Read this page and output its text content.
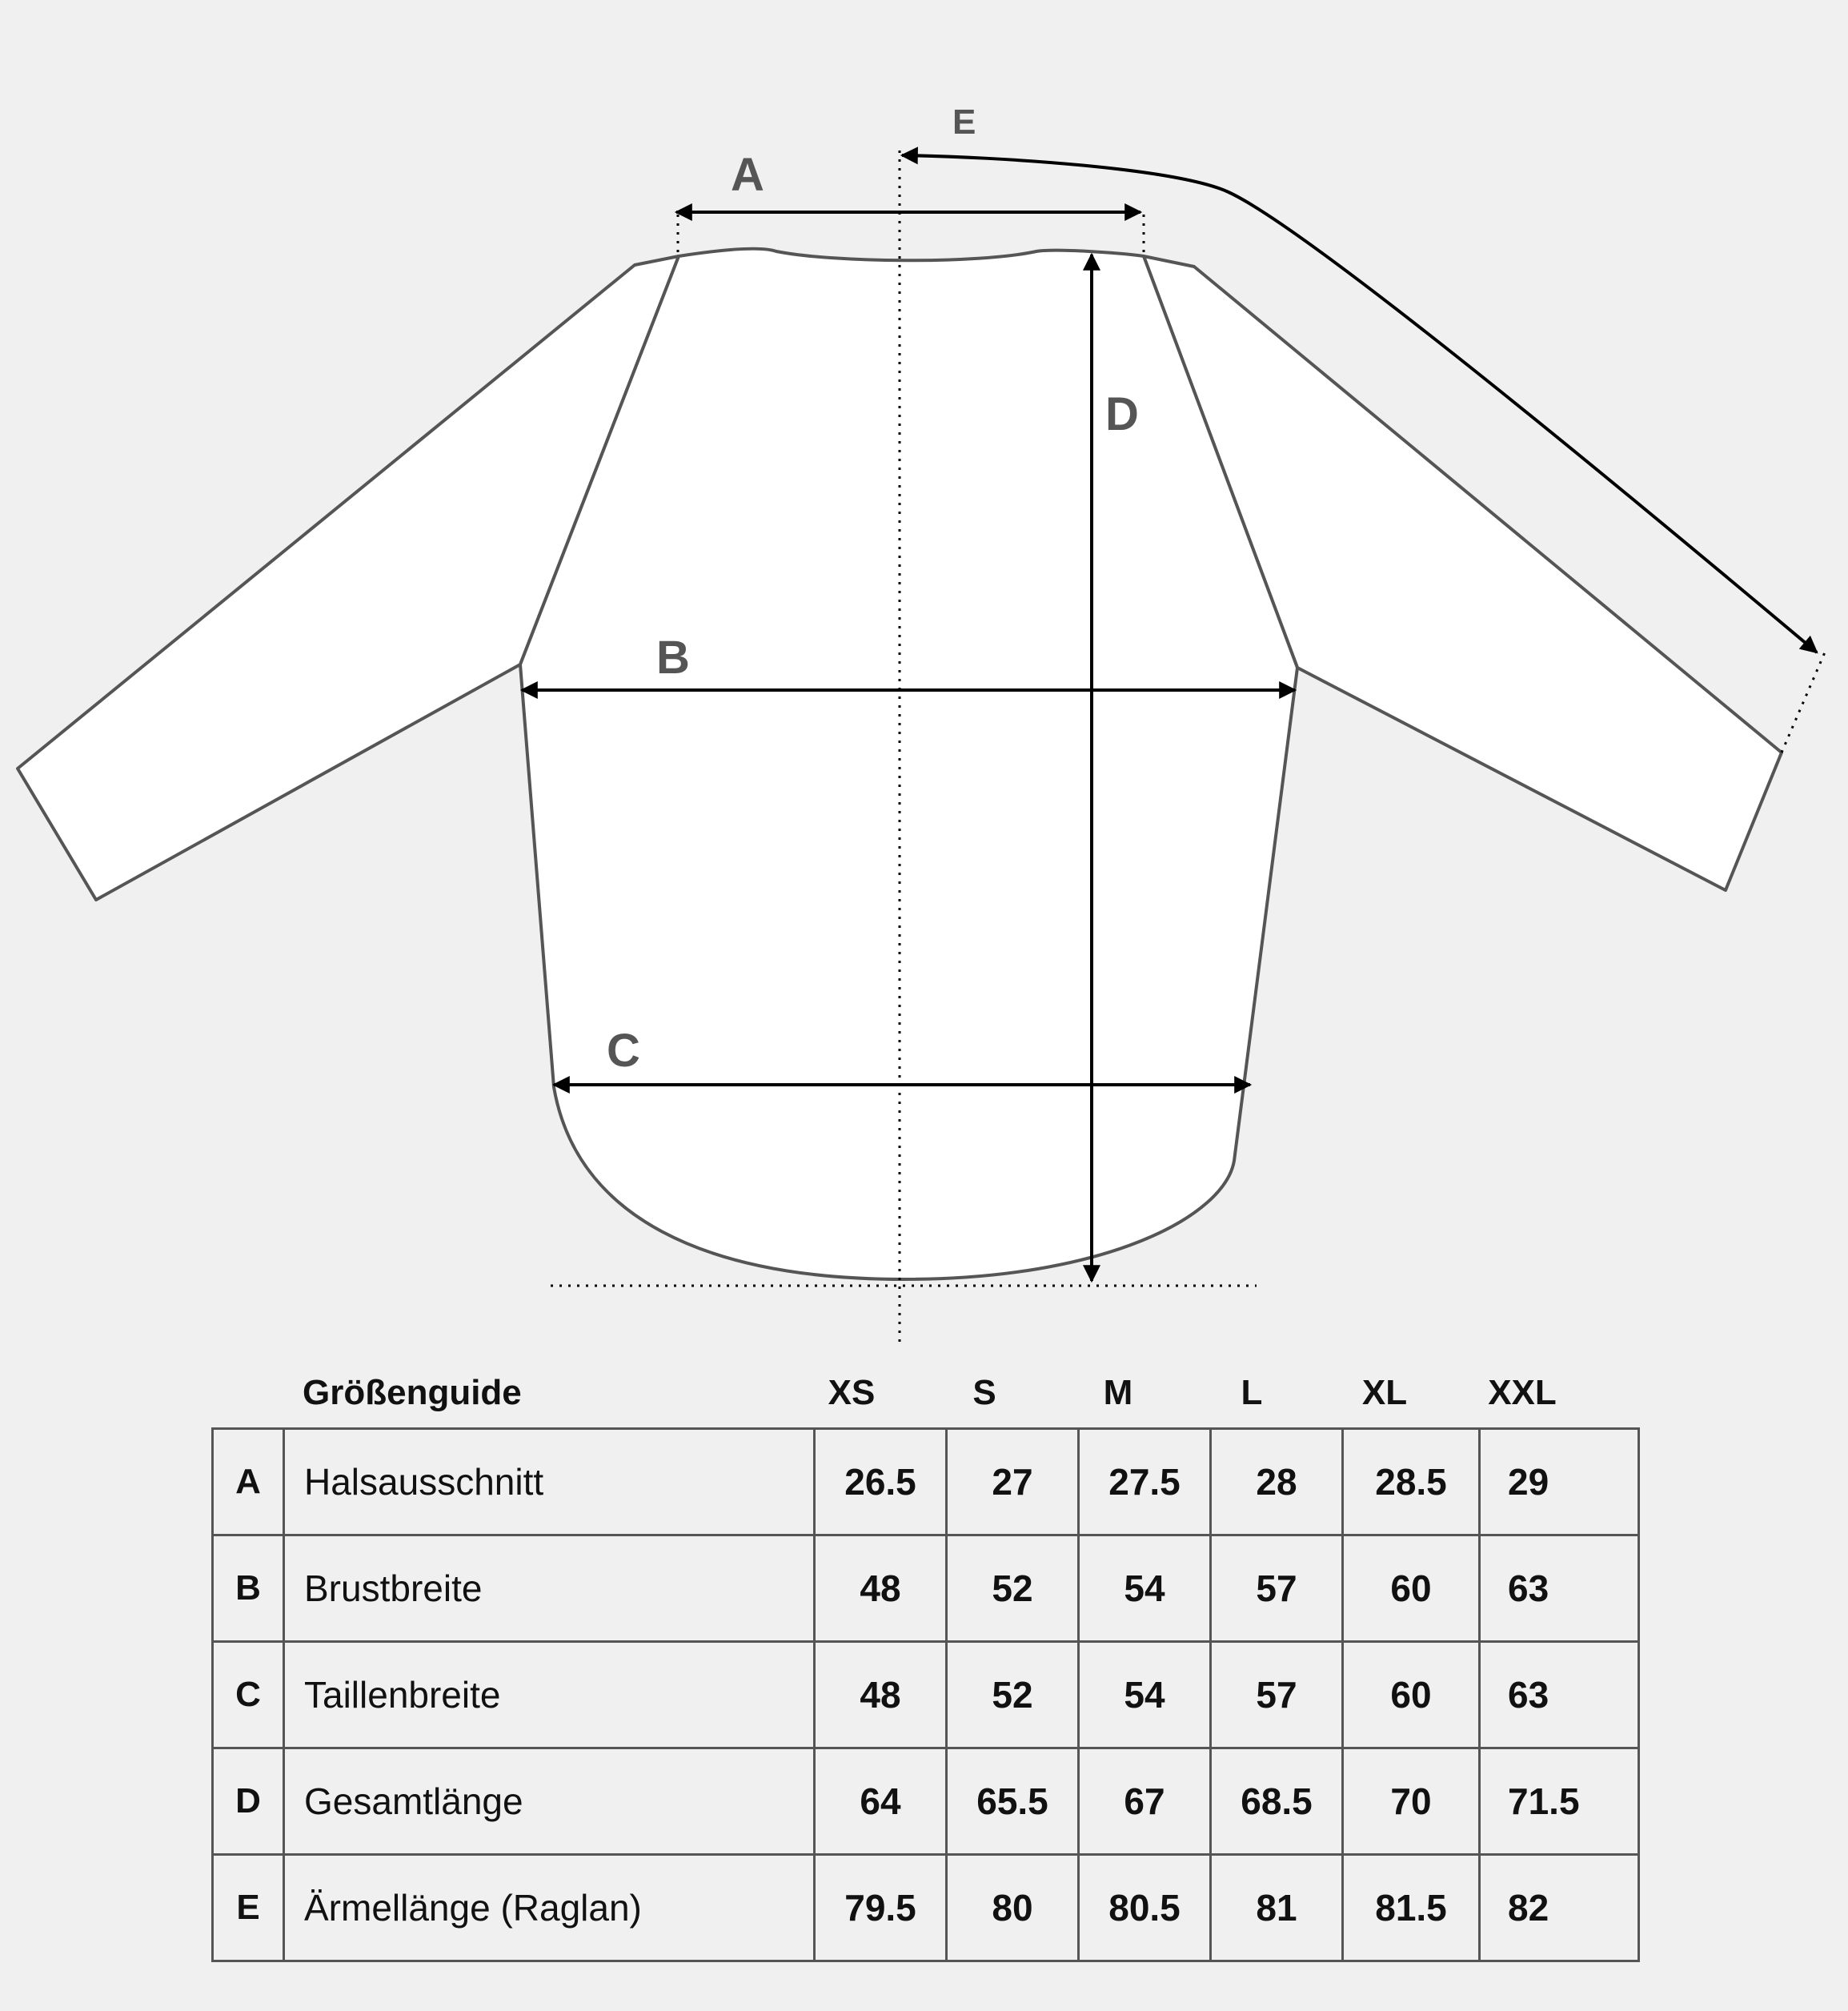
A
B
C
D
E
Größenguide	XS	S	M	L	XL	XXL
A	Halsausschnitt	26.5	27	27.5	28	28.5	29
B	Brustbreite	48	52	54	57	60	63
C	Taillenbreite	48	52	54	57	60	63
D	Gesamtlänge	64	65.5	67	68.5	70	71.5
E	Ärmellänge (Raglan)	79.5	80	80.5	81	81.5	82
